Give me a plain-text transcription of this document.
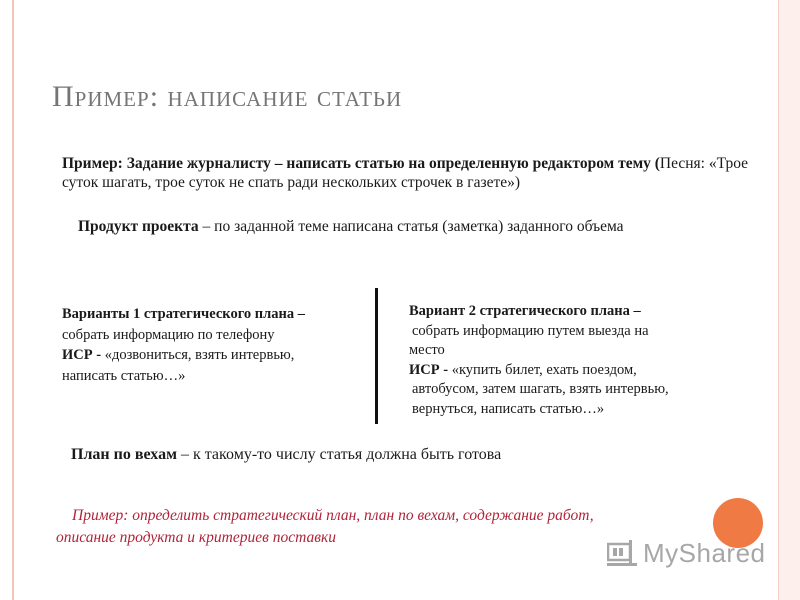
Пример: написание статьи

Пример: Задание журналисту – написать статью на определенную редактором тему (Песня: «Трое суток шагать, трое суток не спать ради нескольких строчек в газете»)

Продукт проекта – по заданной теме написана статья (заметка) заданного объема

Варианты 1 стратегического плана –
собрать информацию по телефону
ИСР - «дозвониться, взять интервью,
написать статью…»
Вариант 2 стратегического плана –
собрать информацию путем выезда на
место
ИСР - «купить билет, ехать поездом,
автобусом, затем шагать, взять интервью,
вернуться, написать статью…»

План по вехам – к такому-то числу статья должна быть готова

Пример: определить стратегический план, план по вехам, содержание работ,
описание продукта и критериев поставки	MyShared
